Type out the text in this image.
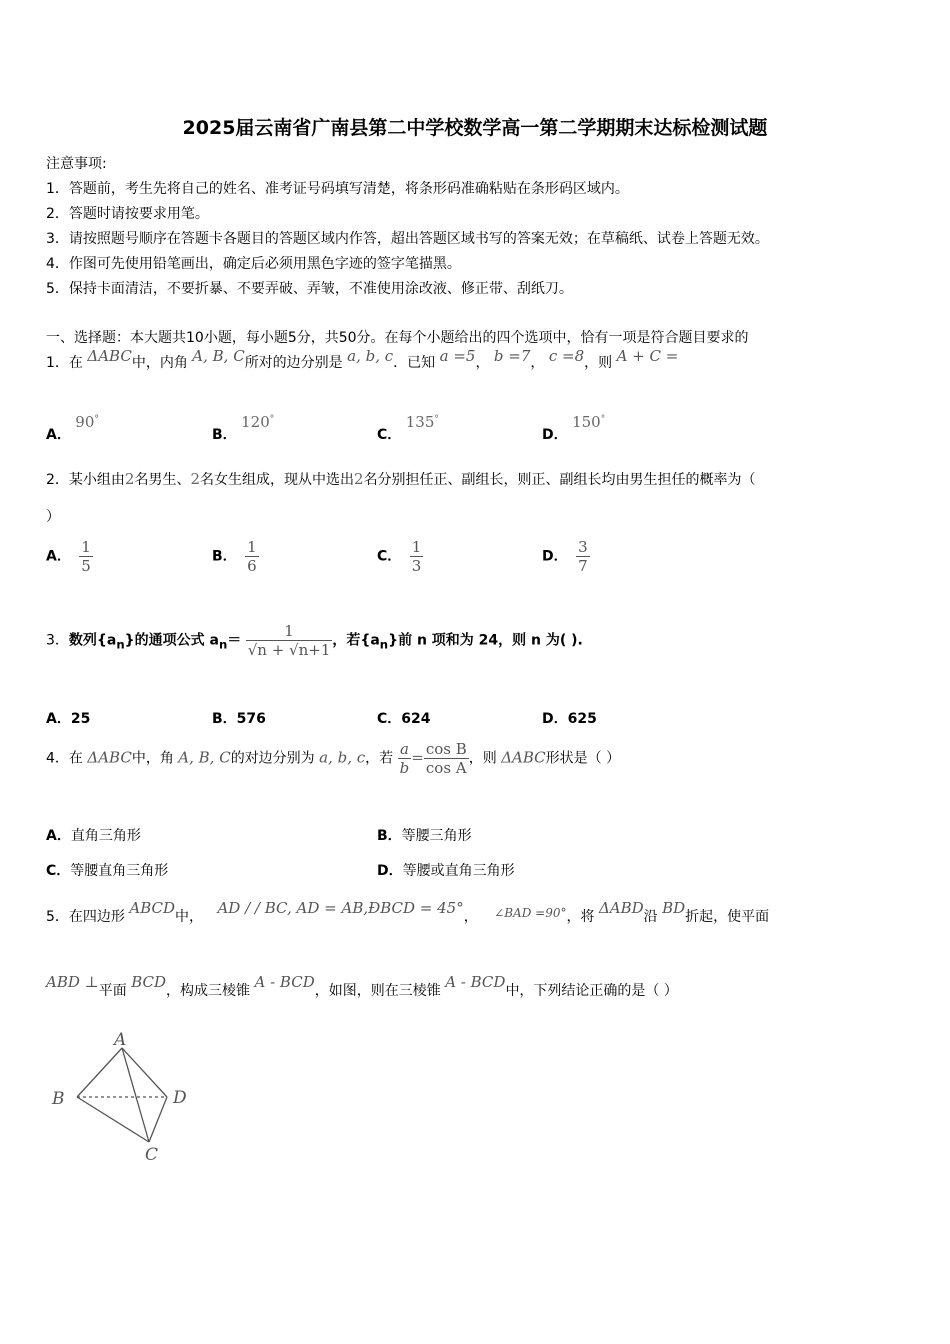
2025届云南省广南县第二中学校数学高一第二学期期末达标检测试题
注意事项:
1．答题前，考生先将自己的姓名、准考证号码填写清楚，将条形码准确粘贴在条形码区域内。
2．答题时请按要求用笔。
3．请按照题号顺序在答题卡各题目的答题区域内作答，超出答题区域书写的答案无效；在草稿纸、试卷上答题无效。
4．作图可先使用铅笔画出，确定后必须用黑色字迹的签字笔描黑。
5．保持卡面清洁，不要折暴、不要弄破、弄皱，不准使用涂改液、修正带、刮纸刀。
一、选择题：本大题共10小题，每小题5分，共50分。在每个小题给出的四个选项中，恰有一项是符合题目要求的
1．在 ΔABC中，内角 A, B, C所对的边分别是 a, b, c．已知 a =5， b =7， c =8，则 A + C =
A． 90°
B． 120°
C． 135°
D． 150°
2．某小组由2名男生、2名女生组成，现从中选出2名分别担任正、副组长，则正、副组长均由男生担任的概率为（
）
A． $\frac{1}{5}$	B． $\frac{1}{6}$	C． $\frac{1}{3}$	D． $\frac{3}{7}$
3．数列$\{a_n\}$的通项公式 $a_n= \frac{1}{√n + √n+1}$ ，若$\{a_n\}$前 n 项和为 24，则 n 为( ).
A．25	B．576	C．624	D．625
4．在 ΔABC中，角 A, B, C的对边分别为 a, b, c，若 $\frac{a}{b} = \frac{\text{cos B}}{\text{cos A}}$ ，则 ΔABC形状是（ ）
A．直角三角形	B．等腰三角形
C．等腰直角三角形	D．等腰或直角三角形
5．在四边形 ABCD中， AD / / BC, AD = AB,ÐBCD = 45°， ∠BAD =90°，将 ΔABD沿 BD折起，使平面
ABD ⊥平面 BCD，构成三棱锥 A - BCD，如图，则在三棱锥 A - BCD中，下列结论正确的是（ ）
A
B	D
C
